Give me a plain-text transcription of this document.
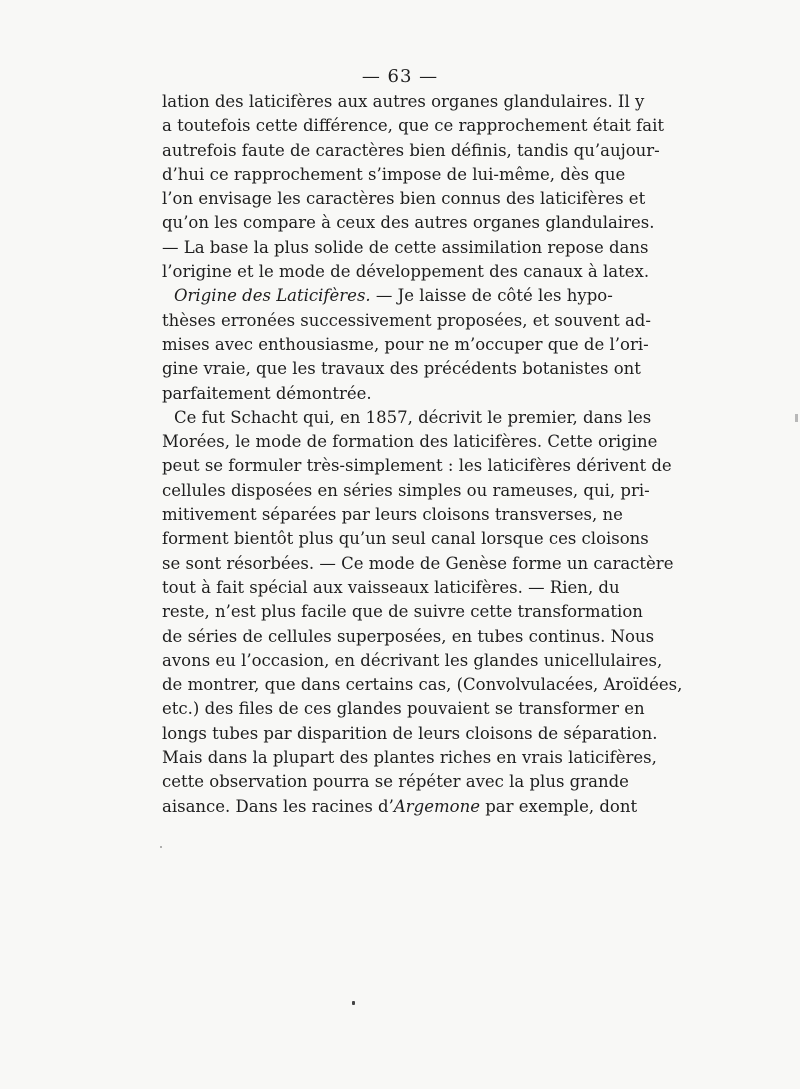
— 63 —
lation des laticifères aux autres organes glandulaires. Il y
a toutefois cette différence, que ce rapprochement était fait
autrefois faute de caractères bien définis, tandis qu’aujour-
d’hui ce rapprochement s’impose de lui-même, dès que
l’on envisage les caractères bien connus des laticifères et
qu’on les compare à ceux des autres organes glandulaires.
— La base la plus solide de cette assimilation repose dans
l’origine et le mode de développement des canaux à latex.
Origine des Laticifères. — Je laisse de côté les hypo-
thèses erronées successivement proposées, et souvent ad-
mises avec enthousiasme, pour ne m’occuper que de l’ori-
gine vraie, que les travaux des précédents botanistes ont
parfaitement démontrée.
Ce fut Schacht qui, en 1857, décrivit le premier, dans les
Morées, le mode de formation des laticifères. Cette origine
peut se formuler très-simplement : les laticifères dérivent de
cellules disposées en séries simples ou rameuses, qui, pri-
mitivement séparées par leurs cloisons transverses, ne
forment bientôt plus qu’un seul canal lorsque ces cloisons
se sont résorbées. — Ce mode de Genèse forme un caractère
tout à fait spécial aux vaisseaux laticifères. — Rien, du
reste, n’est plus facile que de suivre cette transformation
de séries de cellules superposées, en tubes continus. Nous
avons eu l’occasion, en décrivant les glandes unicellulaires,
de montrer, que dans certains cas, (Convolvulacées, Aroïdées,
etc.) des files de ces glandes pouvaient se transformer en
longs tubes par disparition de leurs cloisons de séparation.
Mais dans la plupart des plantes riches en vrais laticifères,
cette observation pourra se répéter avec la plus grande
aisance. Dans les racines d’Argemone par exemple, dont
